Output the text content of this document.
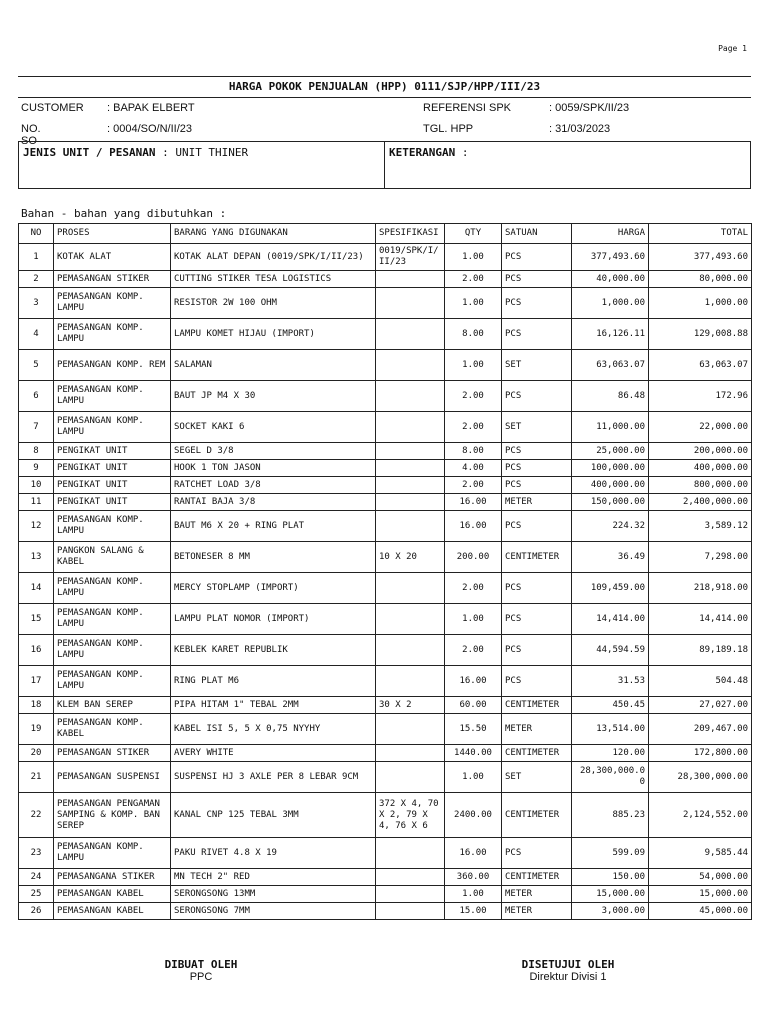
Page 1
HARGA POKOK PENJUALAN (HPP) 0111/SJP/HPP/III/23
CUSTOMER : BAPAK ELBERT
NO. SO
: 0004/SO/N/II/23
REFERENSI SPK	: 0059/SPK/II/23
TGL. HPP	: 31/03/2023
JENIS UNIT / PESANAN : UNIT THINER	KETERANGAN :
Bahan - bahan yang dibutuhkan :
NO	PROSES	BARANG YANG DIGUNAKAN	SPESIFIKASI	QTY	SATUAN	HARGA	TOTAL
1	KOTAK ALAT	KOTAK ALAT DEPAN (0019/SPK/I/II/23)	0019/SPK/I/ II/23	1.00	PCS	377,493.60	377,493.60
2	PEMASANGAN STIKER	CUTTING STIKER TESA LOGISTICS		2.00	PCS	40,000.00	80,000.00
3	PEMASANGAN KOMP. LAMPU	RESISTOR 2W 100 OHM		1.00	PCS	1,000.00	1,000.00
4	PEMASANGAN KOMP. LAMPU	LAMPU KOMET HIJAU (IMPORT)		8.00	PCS	16,126.11	129,008.88
5	PEMASANGAN KOMP. REM	SALAMAN		1.00	SET	63,063.07	63,063.07
6	PEMASANGAN KOMP. LAMPU	BAUT JP M4 X 30		2.00	PCS	86.48	172.96
7	PEMASANGAN KOMP. LAMPU	SOCKET KAKI 6		2.00	SET	11,000.00	22,000.00
8	PENGIKAT UNIT	SEGEL D 3/8		8.00	PCS	25,000.00	200,000.00
9	PENGIKAT UNIT	HOOK 1 TON JASON		4.00	PCS	100,000.00	400,000.00
10	PENGIKAT UNIT	RATCHET LOAD 3/8		2.00	PCS	400,000.00	800,000.00
11	PENGIKAT UNIT	RANTAI BAJA 3/8		16.00	METER	150,000.00	2,400,000.00
12	PEMASANGAN KOMP. LAMPU	BAUT M6 X 20 + RING PLAT		16.00	PCS	224.32	3,589.12
13	PANGKON SALANG & KABEL	BETONESER 8 MM	10 X 20	200.00	CENTIMETER	36.49	7,298.00
14	PEMASANGAN KOMP. LAMPU	MERCY STOPLAMP (IMPORT)		2.00	PCS	109,459.00	218,918.00
15	PEMASANGAN KOMP. LAMPU	LAMPU PLAT NOMOR (IMPORT)		1.00	PCS	14,414.00	14,414.00
16	PEMASANGAN KOMP. LAMPU	KEBLEK KARET REPUBLIK		2.00	PCS	44,594.59	89,189.18
17	PEMASANGAN KOMP. LAMPU	RING PLAT M6		16.00	PCS	31.53	504.48
18	KLEM BAN SEREP	PIPA HITAM 1" TEBAL 2MM	30 X 2	60.00	CENTIMETER	450.45	27,027.00
19	PEMASANGAN KOMP. KABEL	KABEL ISI 5, 5 X 0,75 NYYHY		15.50	METER	13,514.00	209,467.00
20	PEMASANGAN STIKER	AVERY WHITE		1440.00	CENTIMETER	120.00	172,800.00
21	PEMASANGAN SUSPENSI	SUSPENSI HJ 3 AXLE PER 8 LEBAR 9CM		1.00	SET	28,300,000.0 0	28,300,000.00
22	PEMASANGAN PENGAMAN SAMPING & KOMP. BAN SEREP	KANAL CNP 125 TEBAL 3MM	372 X 4, 70 X 2, 79 X 4, 76 X 6	2400.00	CENTIMETER	885.23	2,124,552.00
23	PEMASANGAN KOMP. LAMPU	PAKU RIVET 4.8 X 19		16.00	PCS	599.09	9,585.44
24	PEMASANGANA STIKER	MN TECH 2" RED		360.00	CENTIMETER	150.00	54,000.00
25	PEMASANGAN KABEL	SERONGSONG 13MM		1.00	METER	15,000.00	15,000.00
26	PEMASANGAN KABEL	SERONGSONG 7MM		15.00	METER	3,000.00	45,000.00
DIBUAT OLEH
PPC
DISETUJUI OLEH
Direktur Divisi 1
